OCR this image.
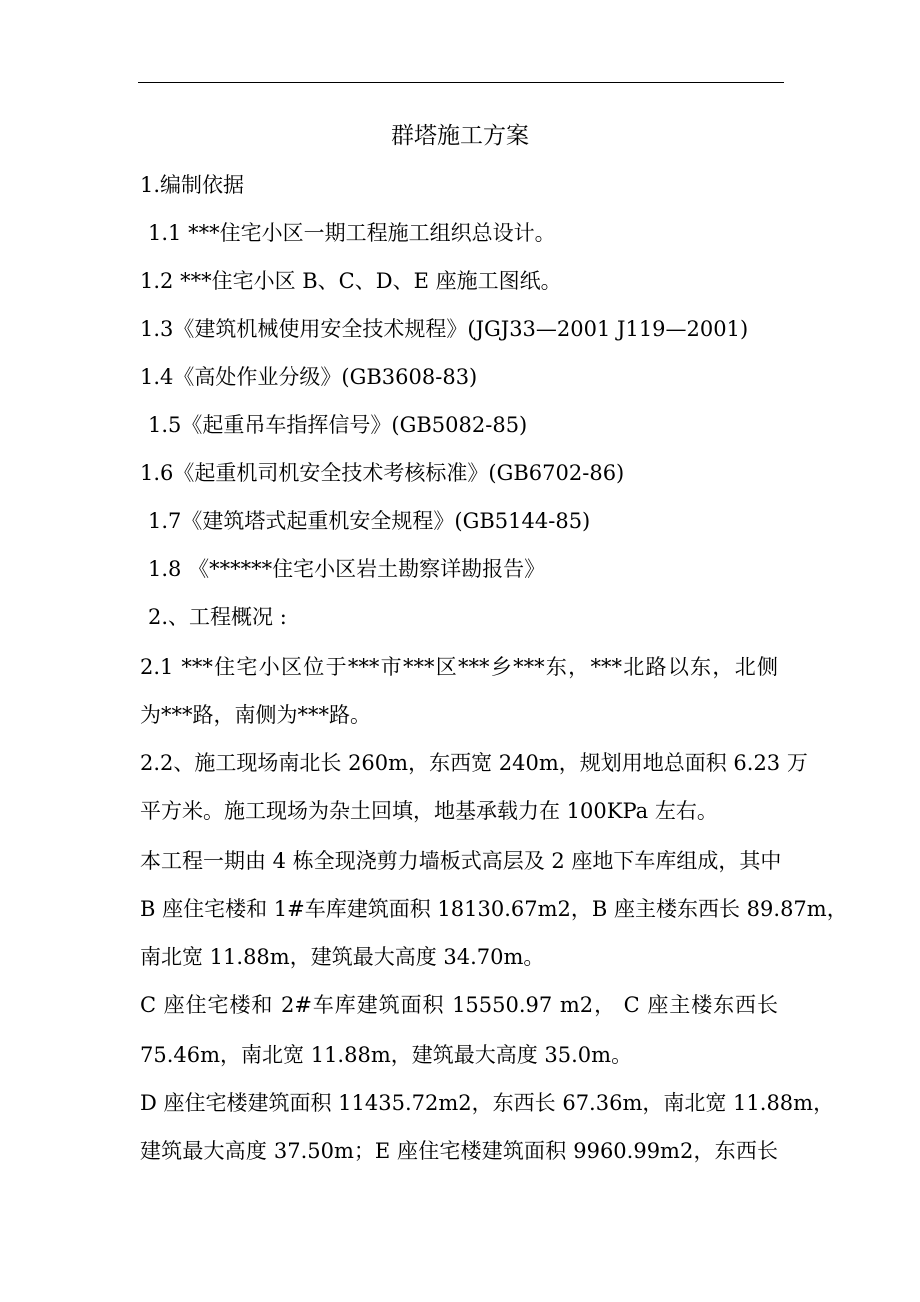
群塔施工方案
1.编制依据
1.1 ***住宅小区一期工程施工组织总设计。
1.2 ***住宅小区 B、C、D、E 座施工图纸。
1.3《建筑机械使用安全技术规程》(JGJ33—2001 J119—2001)
1.4《高处作业分级》(GB3608-83)
1.5《起重吊车指挥信号》(GB5082-85)
1.6《起重机司机安全技术考核标准》(GB6702-86)
1.7《建筑塔式起重机安全规程》(GB5144-85)
1.8 《******住宅小区岩土勘察详勘报告》
2.、工程概况 :
2.1 ***住宅小区位于***市***区***乡***东，***北路以东，北侧
为***路，南侧为***路。
2.2、施工现场南北长 260m，东西宽 240m，规划用地总面积 6.23 万
平方米。施工现场为杂土回填，地基承载力在 100KPa 左右。
本工程一期由 4 栋全现浇剪力墙板式高层及 2 座地下车库组成，其中
B 座住宅楼和 1#车库建筑面积 18130.67m2，B 座主楼东西长 89.87m，
南北宽 11.88m，建筑最大高度 34.70m。
C 座住宅楼和 2#车库建筑面积 15550.97 m2， C 座主楼东西长
75.46m，南北宽 11.88m，建筑最大高度 35.0m。
D 座住宅楼建筑面积 11435.72m2，东西长 67.36m，南北宽 11.88m，
建筑最大高度 37.50m；E 座住宅楼建筑面积 9960.99m2，东西长
